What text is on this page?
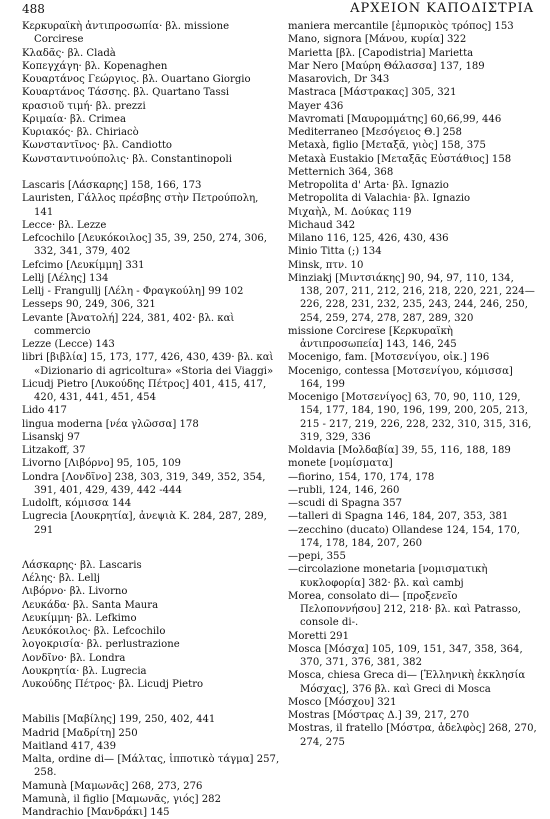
488	ΑΡΧΕΙΟΝ ΚΑΠΟΔΙΣΤΡΙΑ
Κερκυραϊκὴ ἀντιπροσωπία· βλ. missione Corcirese
Κλαδᾶς· βλ. Cladà
Κοπεγχάγη· βλ. Kopenaghen
Κουαρτάνος Γεώργιος. βλ. Ouartano Giorgio
Κουαρτάνος Τάσσης. βλ. Quartano Tassi
κρασιοῦ τιμή· βλ. prezzi
Κριμαία· βλ. Crimea
Κυριακός· βλ. Chiriacò
Κωνσταντῖνος· βλ. Candiotto
Κωνσταντινούπολις· βλ. Constantinopoli
Lascaris [Λάσκαρης] 158, 166, 173
Lauristen, Γάλλος πρέσβης στὴν Πετρούπολη, 141
Lecce· βλ. Lezze
Lefcochilo [Λευκόκοιλος] 35, 39, 250, 274, 306, 332, 341, 379, 402
Lefcimo [Λευκίμμη] 331
Lellj [Λέλης] 134
Lellj - Frangullj [Λέλη - Φραγκούλη] 99 102
Lesseps 90, 249, 306, 321
Levante [Ἀνατολή] 224, 381, 402· βλ. καὶ commercio
Lezze (Lecce) 143
libri [βιβλία] 15, 173, 177, 426, 430, 439· βλ. καὶ «Dizionario di agricoltura» «Storia dei Viaggi»
Licudj Pietro [Λυκούδης Πέτρος] 401, 415, 417, 420, 431, 441, 451, 454
Lido 417
lingua moderna [νέα γλῶσσα] 178
Lisanskj 97
Litzakoff, 37
Livorno [Λιβόρνο] 95, 105, 109
Londra [Λονδῖνο] 238, 303, 319, 349, 352, 354, 391, 401, 429, 439, 442 -444
Ludolft, κόμισσα 144
Lugrecia [Λουκρητία], ἀνεψιὰ Κ. 284, 287, 289, 291
Λάσκαρης· βλ. Lascaris
Λέλης· βλ. Lellj
Λιβόρνο· βλ. Livorno
Λευκάδα· βλ. Santa Maura
Λευκίμμη· βλ. Lefkimo
Λευκόκοιλος· βλ. Lefcochilo
λογοκρισία· βλ. perlustrazione
Λονδῖνο· βλ. Londra
Λουκρητία· βλ. Lugrecia
Λυκούδης Πέτρος· βλ. Licudj Pietro
Mabilis [Μαβίλης] 199, 250, 402, 441
Madrid [Μαδρίτη] 250
Maitland 417, 439
Malta, ordine di— [Μάλτας, ἱπποτικὸ τάγμα] 257, 258.
Mamunà [Μαμωνᾶς] 268, 273, 276
Mamunà, il figlio [Μαμωνᾶς, γιός] 282
Mandrachio [Μανδράκι] 145
maniera mercantile [ἐμπορικὸς τρόπος] 153
Mano, signora [Μάνου, κυρία] 322
Marietta [βλ. [Capodistria] Marietta
Mar Nero [Μαύρη Θάλασσα] 137, 189
Masarovich, Dr 343
Mastraca [Μάστρακας] 305, 321
Mayer 436
Mavromati [Μαυρομμάτης] 60,66,99, 446
Mediterraneo [Μεσόγειος Θ.] 258
Metaxà, figlio [Μεταξᾶ, γιὸς] 158, 375
Metaxà Eustakio [Μεταξᾶς Εὐστάθιος] 158
Metternich 364, 368
Metropolita d' Arta· βλ. Ignazio
Metropolita di Valachia· βλ. Ignazio
Μιχαὴλ, Μ. Δούκας 119
Michaud 342
Milano 116, 125, 426, 430, 436
Minio Titta (;) 134
Minsk, πτν. 10
Minziakj [Μιντσιάκης] 90, 94, 97, 110, 134, 138, 207, 211, 212, 216, 218, 220, 221, 224—226, 228, 231, 232, 235, 243, 244, 246, 250, 254, 259, 274, 278, 287, 289, 320
missione Corcirese [Κερκυραϊκὴ ἀντιπροσωπεία] 143, 146, 245
Mocenigo, fam. [Μοτσενίγου, οἰκ.] 196
Mocenigo, contessa [Μοτσενίγου, κόμισσα] 164, 199
Mocenigo [Μοτσενίγος] 63, 70, 90, 110, 129, 154, 177, 184, 190, 196, 199, 200, 205, 213, 215 - 217, 219, 226, 228, 232, 310, 315, 316, 319, 329, 336
Moldavia [Μολδαβία] 39, 55, 116, 188, 189
monete [νομίσματα]
—fiorino, 154, 170, 174, 178
—rubli, 124, 146, 260
—scudi di Spagna 357
—talleri di Spagna 146, 184, 207, 353, 381
—zecchino (ducato) Ollandese 124, 154, 170, 174, 178, 184, 207, 260
—pepi, 355
—circolazione monetaria [νομισματικὴ κυκλοφορία] 382· βλ. καὶ cambj
Morea, consolato di— [προξενεῖο Πελοποννήσου] 212, 218· βλ. καὶ Patrasso, console di-.
Moretti 291
Mosca [Μόσχα] 105, 109, 151, 347, 358, 364, 370, 371, 376, 381, 382
Mosca, chiesa Greca di— [Ἑλληνικὴ ἐκκλησία Μόσχας], 376 βλ. καὶ Greci di Mosca
Mosco [Μόσχου] 321
Mostras [Μόστρας Δ.] 39, 217, 270
Mostras, il fratello [Μόστρα, ἀδελφὸς] 268, 270, 274, 275
